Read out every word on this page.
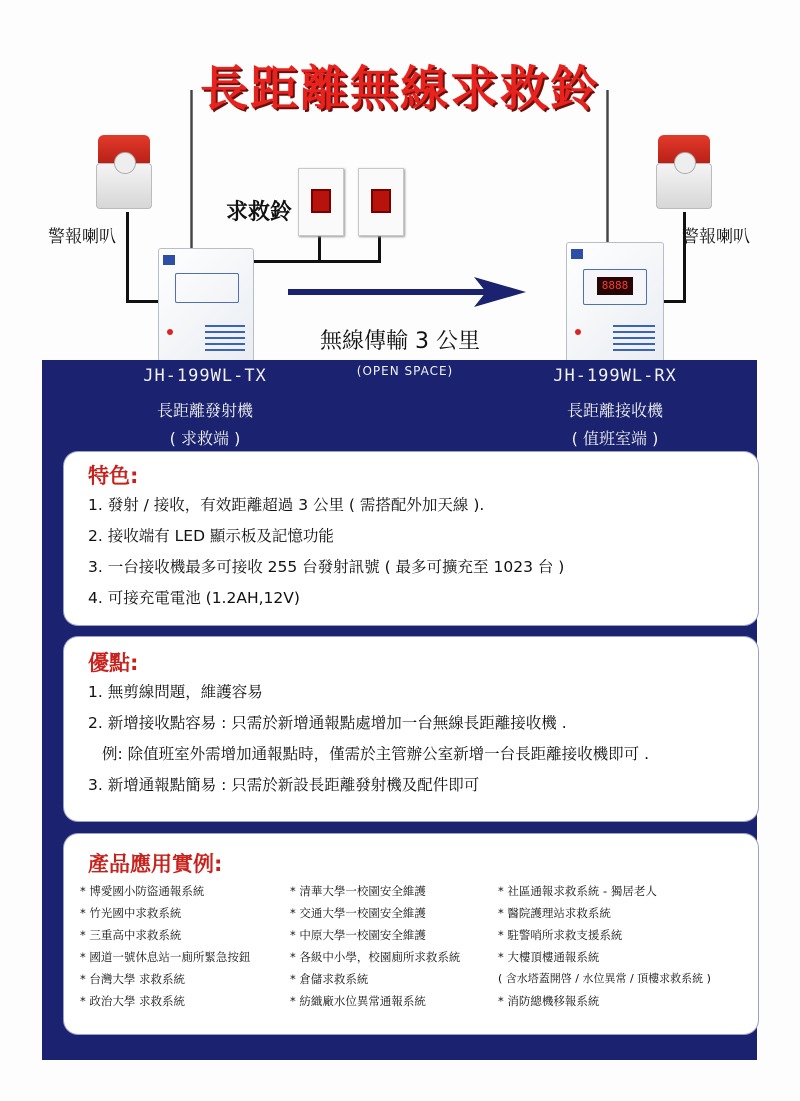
長距離無線求救鈴
警報喇叭	警報喇叭
求救鈴
8888
無線傳輸 3 公里
JH-199WL-TX
長距離發射機
( 求救端 )
(OPEN SPACE)	JH-199WL-RX
長距離接收機
( 值班室端 )
特色:
1. 發射 / 接收，有效距離超過 3 公里 ( 需搭配外加天線 ).
2. 接收端有 LED 顯示板及記憶功能
3. 一台接收機最多可接收 255 台發射訊號 ( 最多可擴充至 1023 台 )
4. 可接充電電池 (1.2AH,12V)
優點:
1. 無剪線問題，維護容易
2. 新增接收點容易 : 只需於新增通報點處增加一台無線長距離接收機 .
例: 除值班室外需增加通報點時，僅需於主管辦公室新增一台長距離接收機即可 .
3. 新增通報點簡易 : 只需於新設長距離發射機及配件即可
產品應用實例:
* 博愛國小防盜通報系統
* 竹光國中求救系統
* 三重高中求救系統
* 國道一號休息站一廁所緊急按鈕
* 台灣大學 求救系統
* 政治大學 求救系統
* 清華大學一校園安全維護
* 交通大學一校園安全維護
* 中原大學一校園安全維護
* 各級中小學，校園廁所求救系統
* 倉儲求救系統
* 紡織廠水位異常通報系統
* 社區通報求救系統 - 獨居老人
* 醫院護理站求救系統
* 駐警哨所求救支援系統
* 大樓頂樓通報系統
( 含水塔蓋開啓 / 水位異常 / 頂樓求救系統 )
* 消防總機移報系統
